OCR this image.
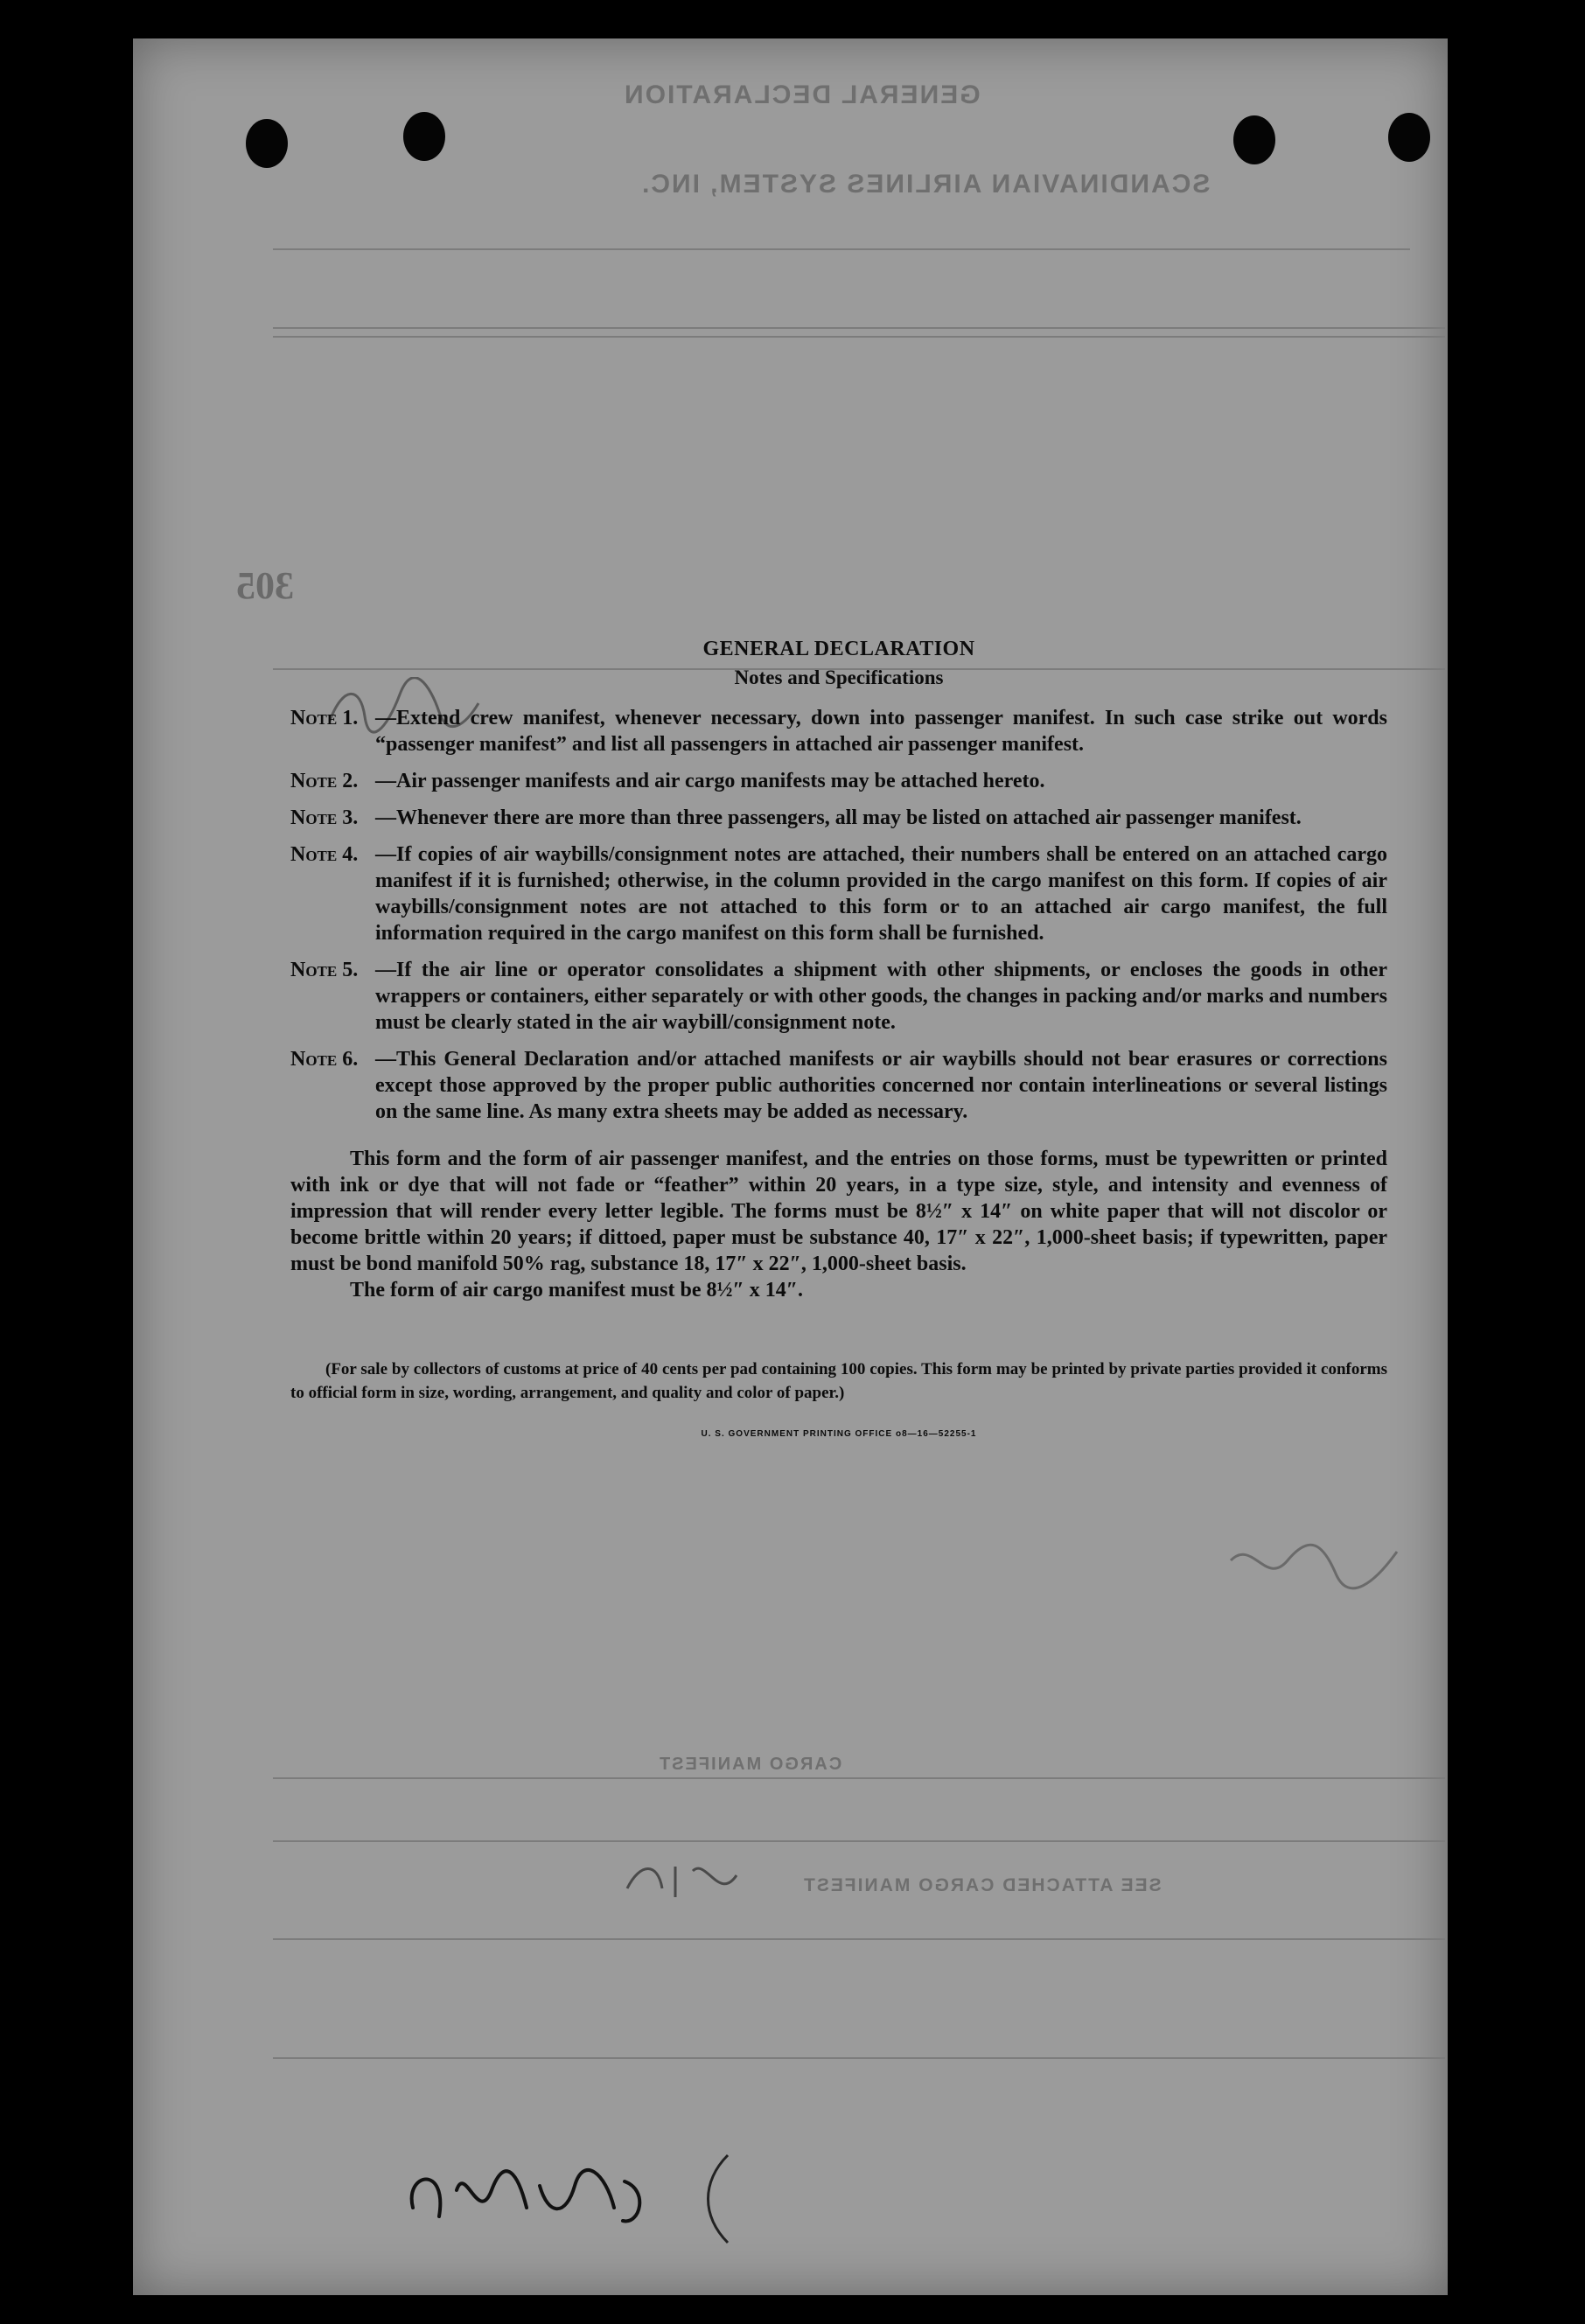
GENERAL DECLARATION
SCANDINAVIAN AIRLINES SYSTEM, INC.
305
CARGO MANIFEST
SEE ATTACHED CARGO MANIFEST
GENERAL DECLARATION
Notes and Specifications
Note 1. —Extend crew manifest, whenever necessary, down into passenger manifest. In such case strike out words “passenger manifest” and list all passengers in attached air passenger manifest.
Note 2. —Air passenger manifests and air cargo manifests may be attached hereto.
Note 3. —Whenever there are more than three passengers, all may be listed on attached air passenger manifest.
Note 4. —If copies of air waybills/consignment notes are attached, their numbers shall be entered on an attached cargo manifest if it is furnished; otherwise, in the column provided in the cargo manifest on this form. If copies of air waybills/consignment notes are not attached to this form or to an attached air cargo manifest, the full information required in the cargo manifest on this form shall be furnished.
Note 5. —If the air line or operator consolidates a shipment with other shipments, or encloses the goods in other wrappers or containers, either separately or with other goods, the changes in packing and/or marks and numbers must be clearly stated in the air waybill/consignment note.
Note 6. —This General Declaration and/or attached manifests or air waybills should not bear erasures or corrections except those approved by the proper public authorities concerned nor contain interlineations or several listings on the same line. As many extra sheets may be added as necessary.
This form and the form of air passenger manifest, and the entries on those forms, must be typewritten or printed with ink or dye that will not fade or “feather” within 20 years, in a type size, style, and intensity and evenness of impression that will render every letter legible. The forms must be 8½″ x 14″ on white paper that will not discolor or become brittle within 20 years; if dittoed, paper must be substance 40, 17″ x 22″, 1,000-sheet basis; if typewritten, paper must be bond manifold 50% rag, substance 18, 17″ x 22″, 1,000-sheet basis.
The form of air cargo manifest must be 8½″ x 14″.
(For sale by collectors of customs at price of 40 cents per pad containing 100 copies. This form may be printed by private parties provided it conforms to official form in size, wording, arrangement, and quality and color of paper.)
U. S. GOVERNMENT PRINTING OFFICE o8—16—52255-1
